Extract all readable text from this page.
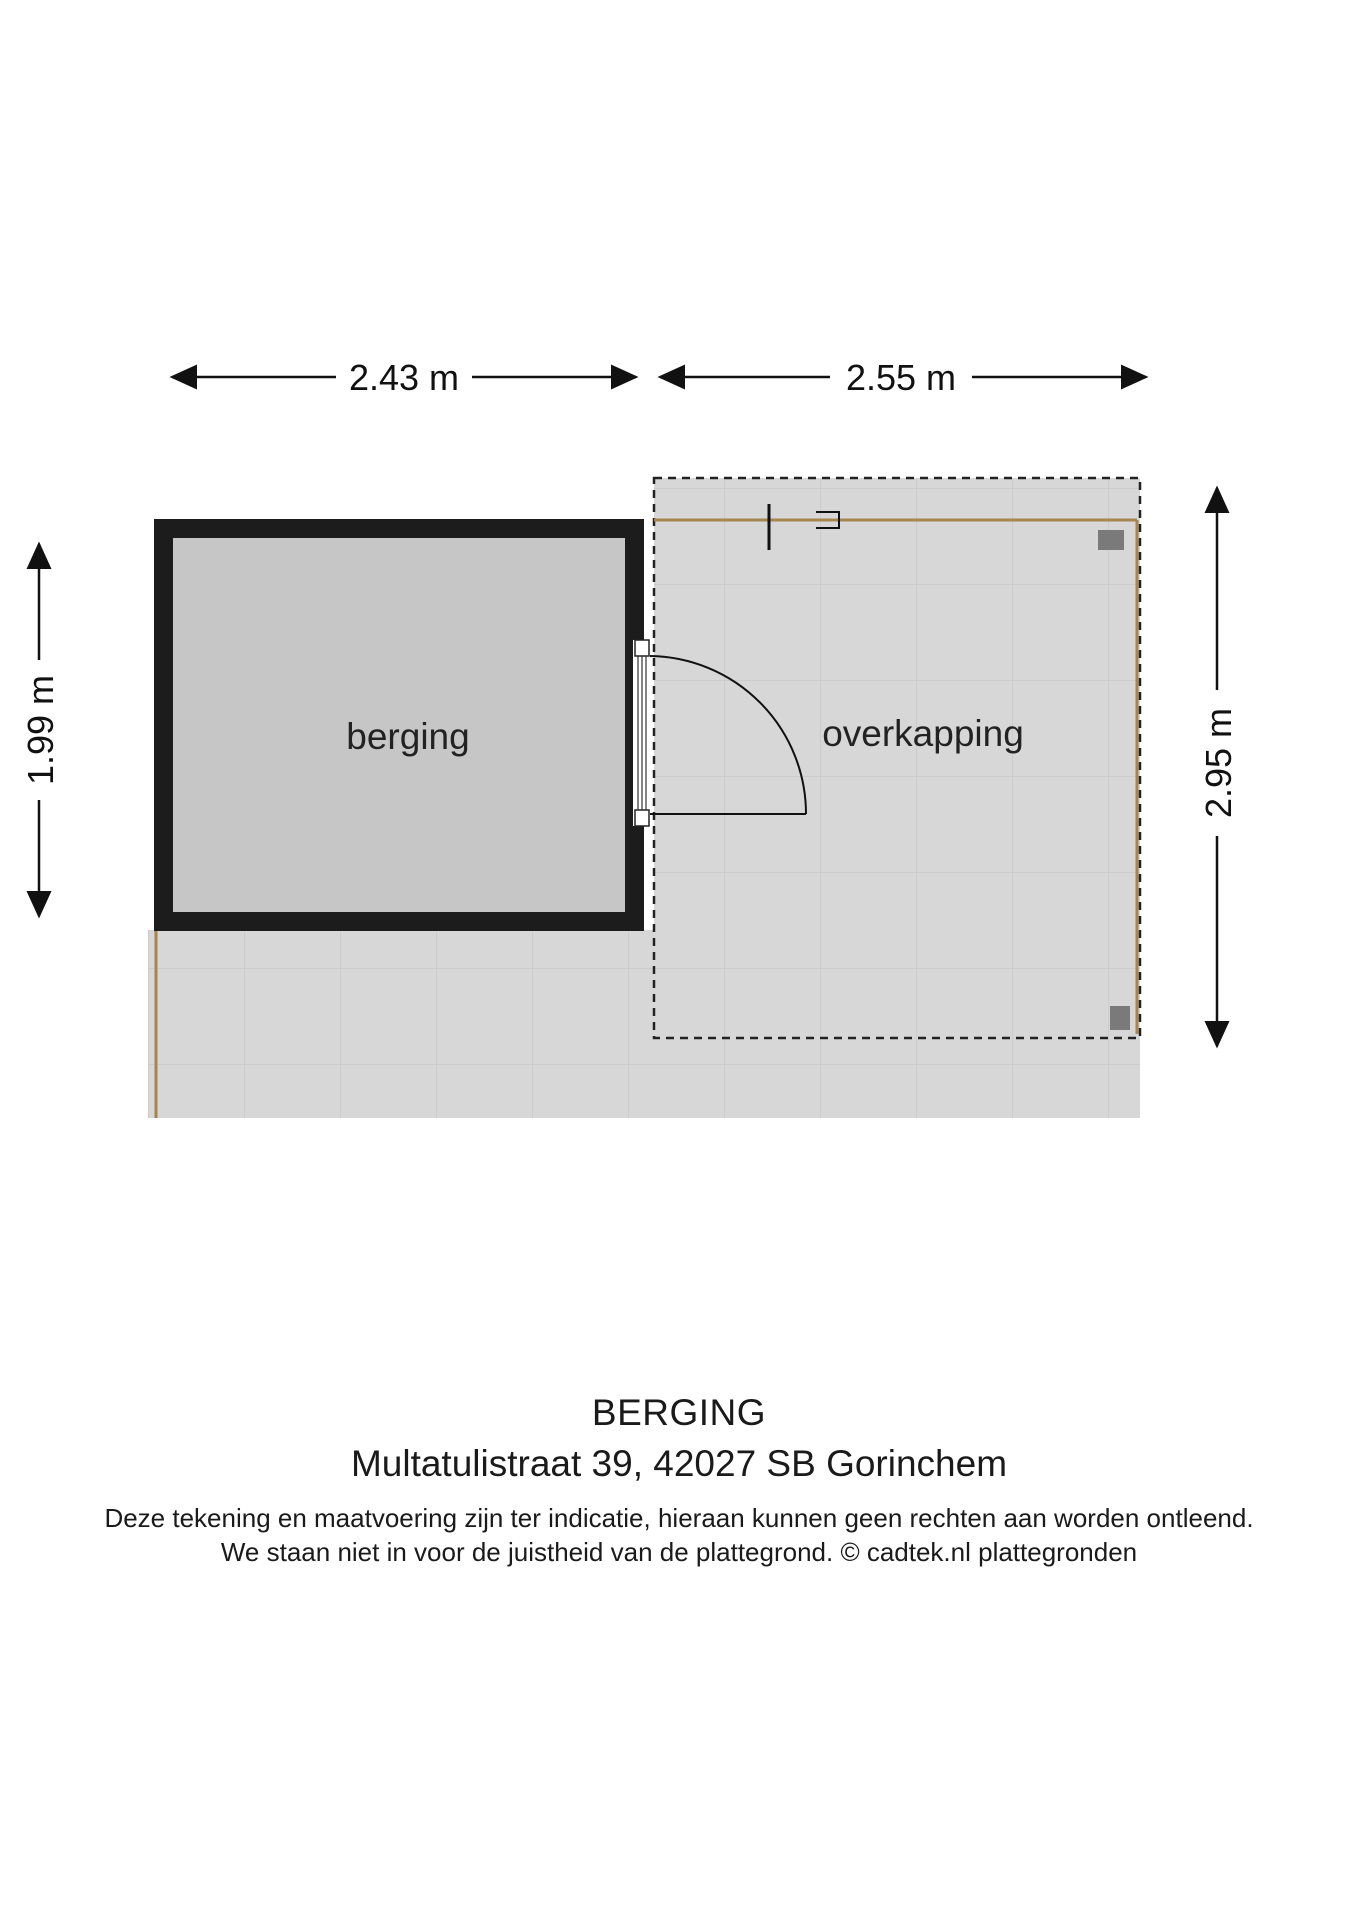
2.43 m	2.55 m
1.99 m	2.95 m
berging	overkapping
BERGING
Multatulistraat 39, 42027 SB Gorinchem
Deze tekening en maatvoering zijn ter indicatie, hieraan kunnen geen rechten aan worden ontleend.
We staan niet in voor de juistheid van de plattegrond. © cadtek.nl plattegronden
